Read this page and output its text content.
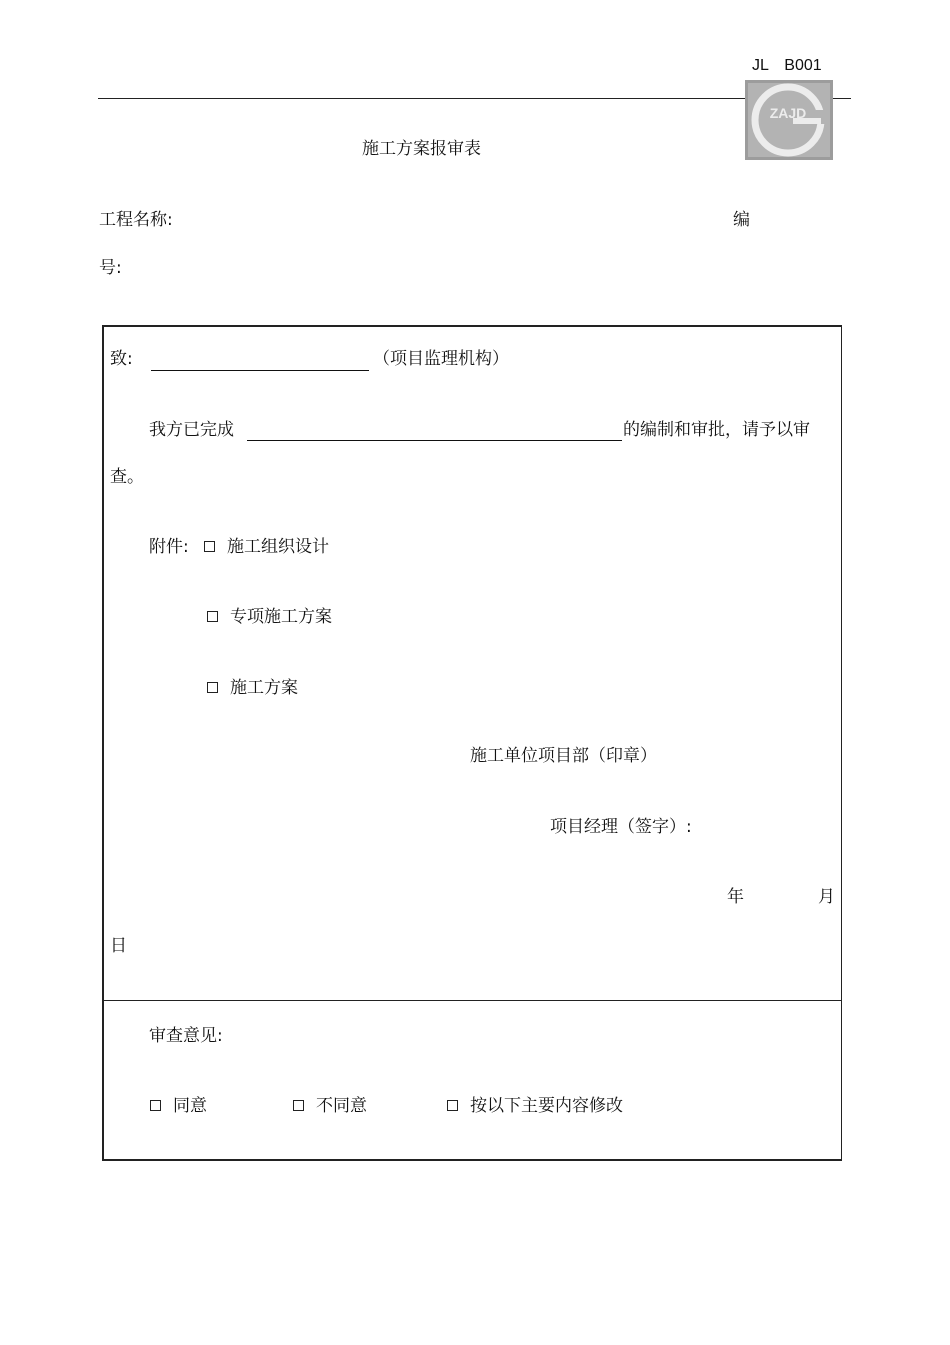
JL　B001
ZAJD
施工方案报审表
工程名称:	编
号:
致:	（项目监理机构）
我方已完成	的编制和审批，请予以审
查。
附件:	施工组织设计
专项施工方案
施工方案
施工单位项目部（印章）
项目经理（签字）:
年	月
日
审查意见:
同意	不同意	按以下主要内容修改
